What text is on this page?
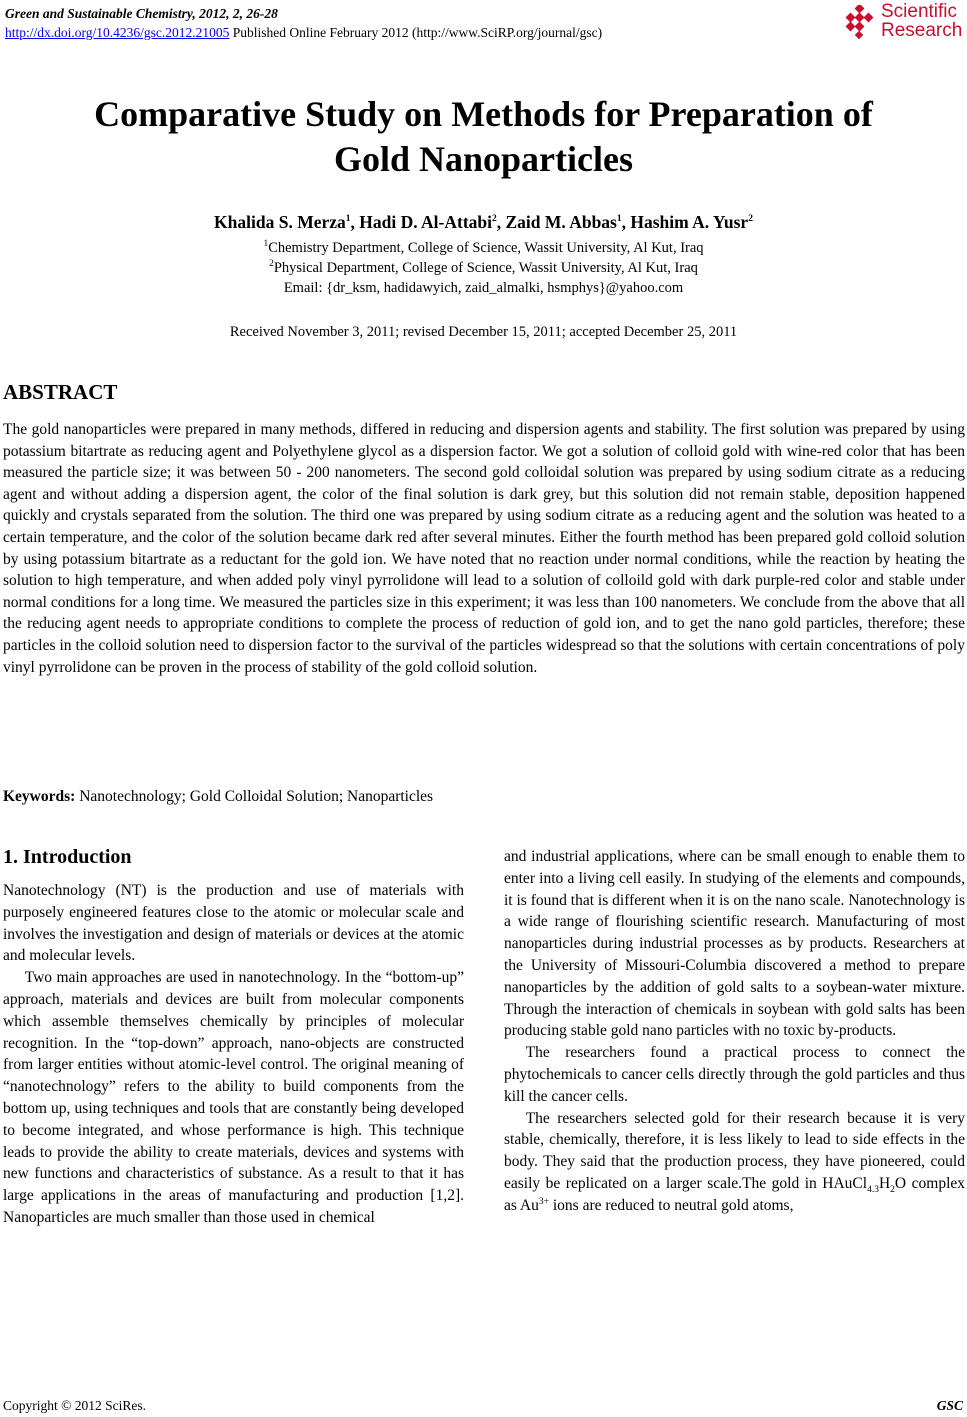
Green and Sustainable Chemistry, 2012, 2, 26-28
http://dx.doi.org/10.4236/gsc.2012.21005 Published Online February 2012 (http://www.SciRP.org/journal/gsc)
Scientific
Research
Comparative Study on Methods for Preparation of
Gold Nanoparticles
Khalida S. Merza$^1$, Hadi D. Al-Attabi$^2$, Zaid M. Abbas$^1$, Hashim A. Yusr$^2$
$^1$Chemistry Department, College of Science, Wassit University, Al Kut, Iraq
$^2$Physical Department, College of Science, Wassit University, Al Kut, Iraq
Email: {dr_ksm, hadidawyich, zaid_almalki, hsmphys}@yahoo.com
Received November 3, 2011; revised December 15, 2011; accepted December 25, 2011
ABSTRACT

The gold nanoparticles were prepared in many methods, differed in reducing and dispersion agents and stability. The first solution was prepared by using potassium bitartrate as reducing agent and Polyethylene glycol as a dispersion factor. We got a solution of colloid gold with wine-red color that has been measured the particle size; it was between 50 - 200 nanometers. The second gold colloidal solution was prepared by using sodium citrate as a reducing agent and without adding a dispersion agent, the color of the final solution is dark grey, but this solution did not remain stable, deposition happened quickly and crystals separated from the solution. The third one was prepared by using sodium citrate as a reducing agent and the solution was heated to a certain temperature, and the color of the solution became dark red after several minutes. Either the fourth method has been prepared gold colloid solution by using potassium bitartrate as a reductant for the gold ion. We have noted that no reaction under normal conditions, while the reaction by heating the solution to high temperature, and when added poly vinyl pyrrolidone will lead to a solution of colloild gold with dark purple-red color and stable under normal conditions for a long time. We measured the particles size in this experiment; it was less than 100 nanometers. We conclude from the above that all the reducing agent needs to appropriate conditions to complete the process of reduction of gold ion, and to get the nano gold particles, therefore; these particles in the colloid solution need to dispersion factor to the survival of the particles widespread so that the solutions with certain concentrations of poly vinyl pyrrolidone can be proven in the process of stability of the gold colloid solution.

Keywords: Nanotechnology; Gold Colloidal Solution; Nanoparticles
1. Introduction

Nanotechnology (NT) is the production and use of materials with purposely engineered features close to the atomic or molecular scale and involves the investigation and design of materials or devices at the atomic and molecular levels.

Two main approaches are used in nanotechnology. In the “bottom-up” approach, materials and devices are built from molecular components which assemble themselves chemically by principles of molecular recognition. In the “top-down” approach, nano-objects are constructed from larger entities without atomic-level control. The original meaning of “nanotechnology” refers to the ability to build components from the bottom up, using techniques and tools that are constantly being developed to become integrated, and whose performance is high. This technique leads to provide the ability to create materials, devices and systems with new functions and characteristics of substance. As a result to that it has large applications in the areas of manufacturing and production [1,2]. Nanoparticles are much smaller than those used in chemical

and industrial applications, where can be small enough to enable them to enter into a living cell easily. In studying of the elements and compounds, it is found that is different when it is on the nano scale. Nanotechnology is a wide range of flourishing scientific research. Manufacturing of most nanoparticles during industrial processes as by products. Researchers at the University of Missouri-Columbia discovered a method to prepare nanoparticles by the addition of gold salts to a soybean-water mixture. Through the interaction of chemicals in soybean with gold salts has been producing stable gold nano particles with no toxic by-products.

The researchers found a practical process to connect the phytochemicals to cancer cells directly through the gold particles and thus kill the cancer cells.

The researchers selected gold for their research because it is very stable, chemically, therefore, it is less likely to lead to side effects in the body. They said that the production process, they have pioneered, could easily be replicated on a larger scale.The gold in $HAuCl_{4.3}H_2O$ complex as $Au^{3+}$ ions are reduced to neutral gold atoms,

Copyright © 2012 SciRes.	GSC
